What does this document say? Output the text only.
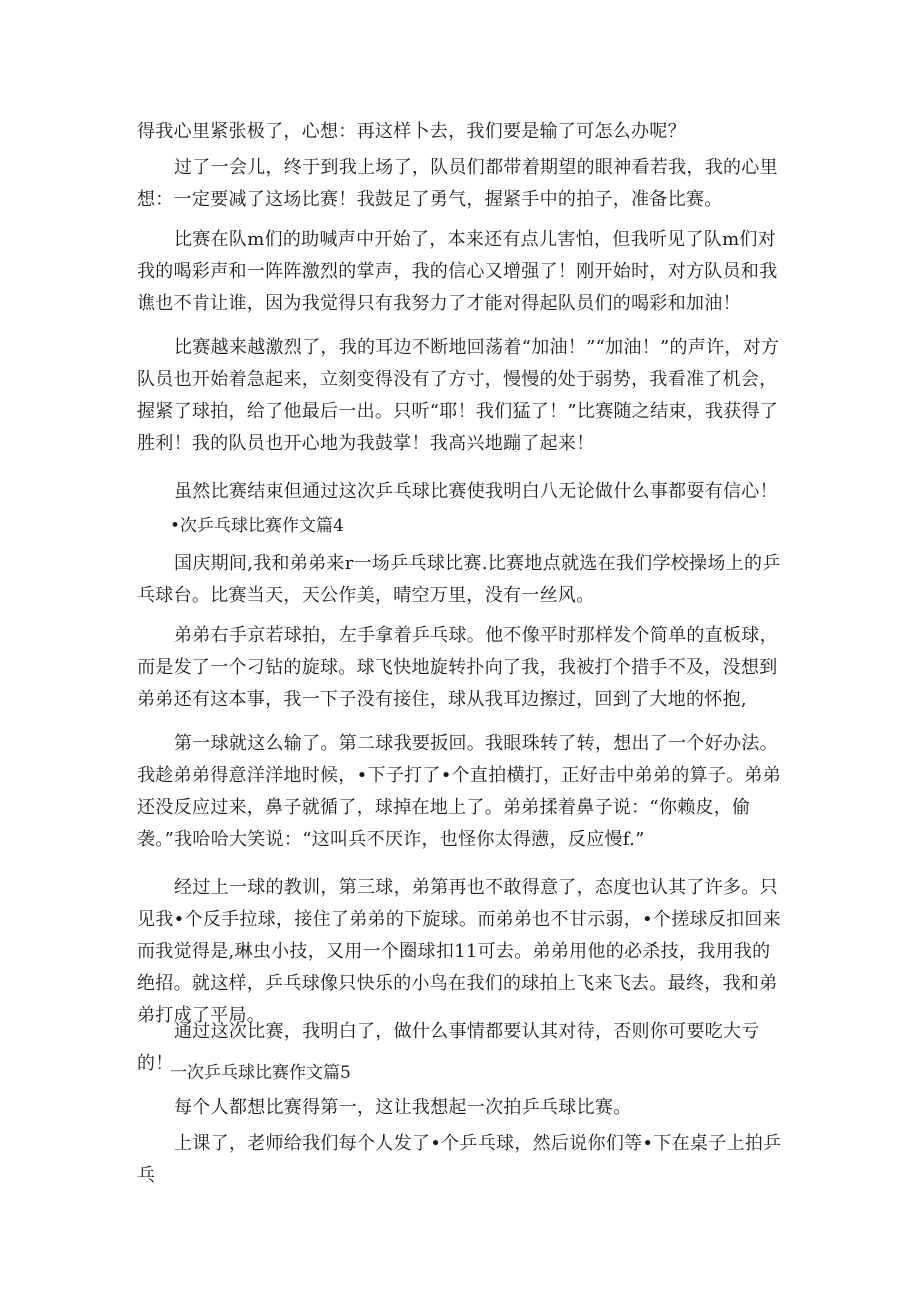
得我心里紧张极了，心想：再这样卜去，我们要是输了可怎么办呢？

过了一会儿，终于到我上场了，队员们都带着期望的眼神看若我，我的心里想：一定要减了这场比赛！我鼓足了勇气，握紧手中的拍子，准备比赛。

比赛在队m们的助喊声中开始了，本来还有点儿害怕，但我听见了队m们对我的喝彩声和一阵阵激烈的掌声，我的信心又增强了！刚开始时，对方队员和我谯也不肯让谁，因为我觉得只有我努力了才能对得起队员们的喝彩和加油！

比赛越来越激烈了，我的耳边不断地回荡着“加油！”“加油！”的声许，对方队员也开始着急起来，立刻变得没有了方寸，慢慢的处于弱势，我看准了机会，握紧了球拍，给了他最后一出。只听“耶！我们猛了！”比赛随之结束，我获得了胜利！我的队员也开心地为我鼓掌！我高兴地蹦了起来！

虽然比赛结束但通过这次乒乓球比赛使我明白八无论做什么事都耍有信心！

•次乒乓球比赛作文篇4

国庆期间,我和弟弟来r一场乒乓球比赛.比赛地点就选在我们学校操场上的乒乓球台。比赛当天，天公作美，晴空万里，没有一丝风。

弟弟右手京若球拍，左手拿着乒乓球。他不像平时那样发个简单的直板球，而是发了一个刁钻的旋球。球飞快地旋转扑向了我，我被打个措手不及，没想到弟弟还有这本事，我一下子没有接住，球从我耳边擦过，回到了大地的怀抱,

第一球就这么输了。第二球我要扳回。我眼珠转了转，想出了一个好办法。我趁弟弟得意洋洋地时候，•下子打了•个直拍横打，正好击中弟弟的算子。弟弟还没反应过来，鼻子就循了，球掉在地上了。弟弟揉着鼻子说：“你赖皮，偷袭。”我哈哈大笑说：“这叫兵不厌诈，也怪你太得懑，反应慢f.”

经过上一球的教训，第三球，弟第再也不敢得意了，态度也认其了许多。只见我•个反手拉球，接住了弟弟的下旋球。而弟弟也不甘示弱，•个搓球反扣回来而我觉得是,琳虫小技，又用一个圈球扣11可去。弟弟用他的必杀技，我用我的绝招。就这样，乒乓球像只快乐的小鸟在我们的球拍上飞来飞去。最终，我和弟弟打成了平局。

通过这次比赛，我明白了，做什么事情都要认其对待，否则你可要吃大亏的！

一次乒乓球比赛作文篇5

每个人都想比赛得第一，这让我想起一次拍乒乓球比赛。

上课了，老师给我们每个人发了•个乒乓球，然后说你们等•下在桌子上拍乒乓
